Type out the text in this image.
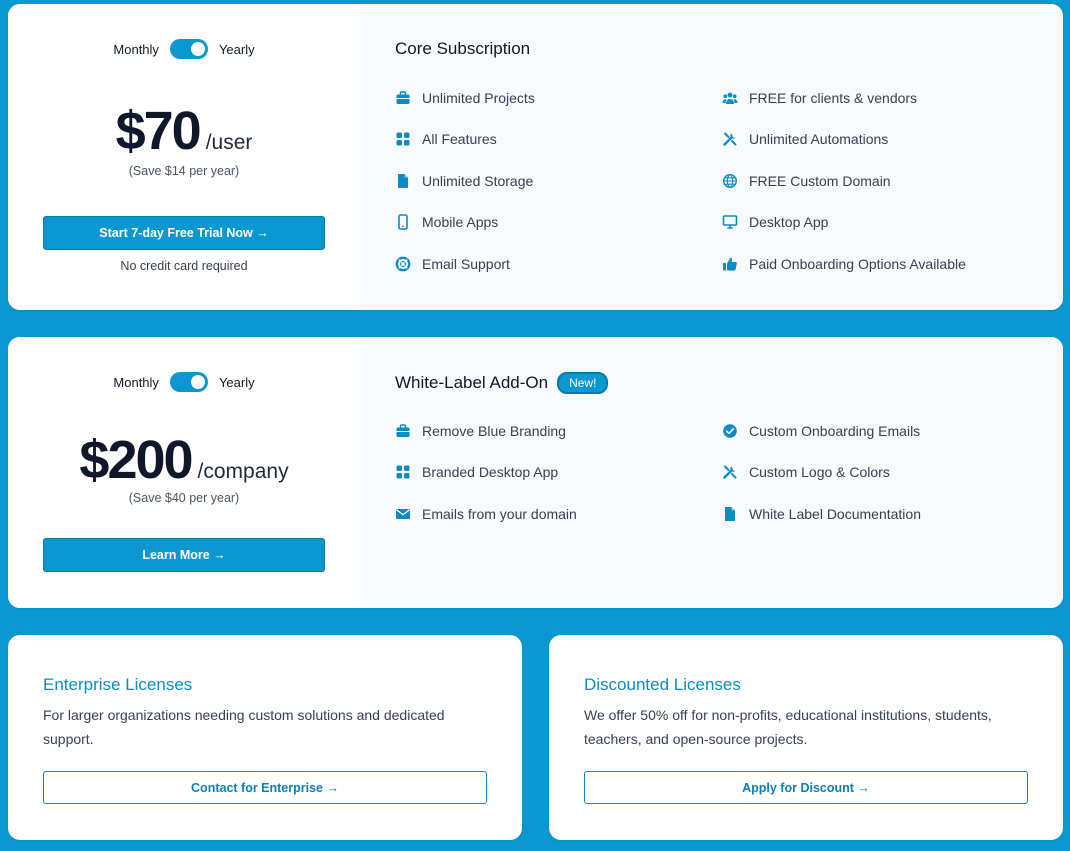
Monthly	Yearly
$70 /user
(Save $14 per year)
Start 7-day Free Trial Now →
No credit card required
Core Subscription
Unlimited Projects	FREE for clients & vendors
All Features	Unlimited Automations
Unlimited Storage	FREE Custom Domain
Mobile Apps	Desktop App
Email Support	Paid Onboarding Options Available
Monthly	Yearly
$200 /company
(Save $40 per year)
Learn More →
White-Label Add-On	New!
Remove Blue Branding	Custom Onboarding Emails
Branded Desktop App	Custom Logo & Colors
Emails from your domain	White Label Documentation
Enterprise Licenses

For larger organizations needing custom solutions and dedicated support.

Contact for Enterprise →
Discounted Licenses

We offer 50% off for non-profits, educational institutions, students, teachers, and open-source projects.

Apply for Discount →
